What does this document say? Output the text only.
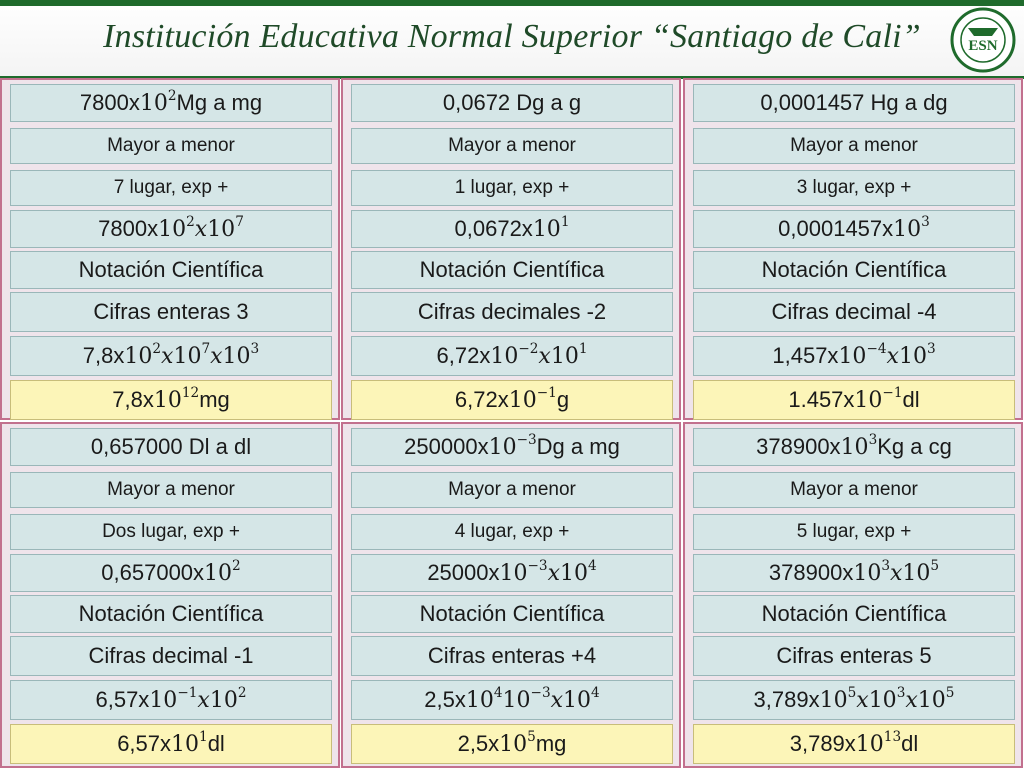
Institución Educativa Normal Superior “Santiago de Cali”	ESN
7800x 10 2 Mg a mg
Mayor a menor
7 lugar, exp +
7800x 10 2 x 10 7
Notación Científica
Cifras enteras 3
7,8x 10 2 x 10 7 x 10 3
7,8x 10 12 mg
0,0672 Dg a g
Mayor a menor
1 lugar, exp +
0,0672x 10 1
Notación Científica
Cifras decimales -2
6, 72x 10 −2 x 10 1
6,72x 10 −1 g
0,0001457 Hg a dg
Mayor a menor
3 lugar, exp +
0,0001457x 10 3
Notación Científica
Cifras decimal -4
1,457x 10 −4 x 10 3
1.457x 10 −1 dl
0,657000 Dl a dl
Mayor a menor
Dos lugar, exp +
0,657000x 10 2
Notación Científica
Cifras decimal -1
6,57x 10 −1 x 10 2
6,57x 10 1 dl
250000x 10 −3 Dg a mg
Mayor a menor
4 lugar, exp +
25000x 10 −3 x 10 4
Notación Científica
Cifras enteras +4
2,5x 10 4 10 −3 x 10 4
2,5x 10 5 mg
378900x 10 3 Kg a cg
Mayor a menor
5 lugar, exp +
378900x 10 3 x 10 5
Notación Científica
Cifras enteras 5
3,789x 10 5 x 10 3 x 10 5
3,789x 10 13 dl
